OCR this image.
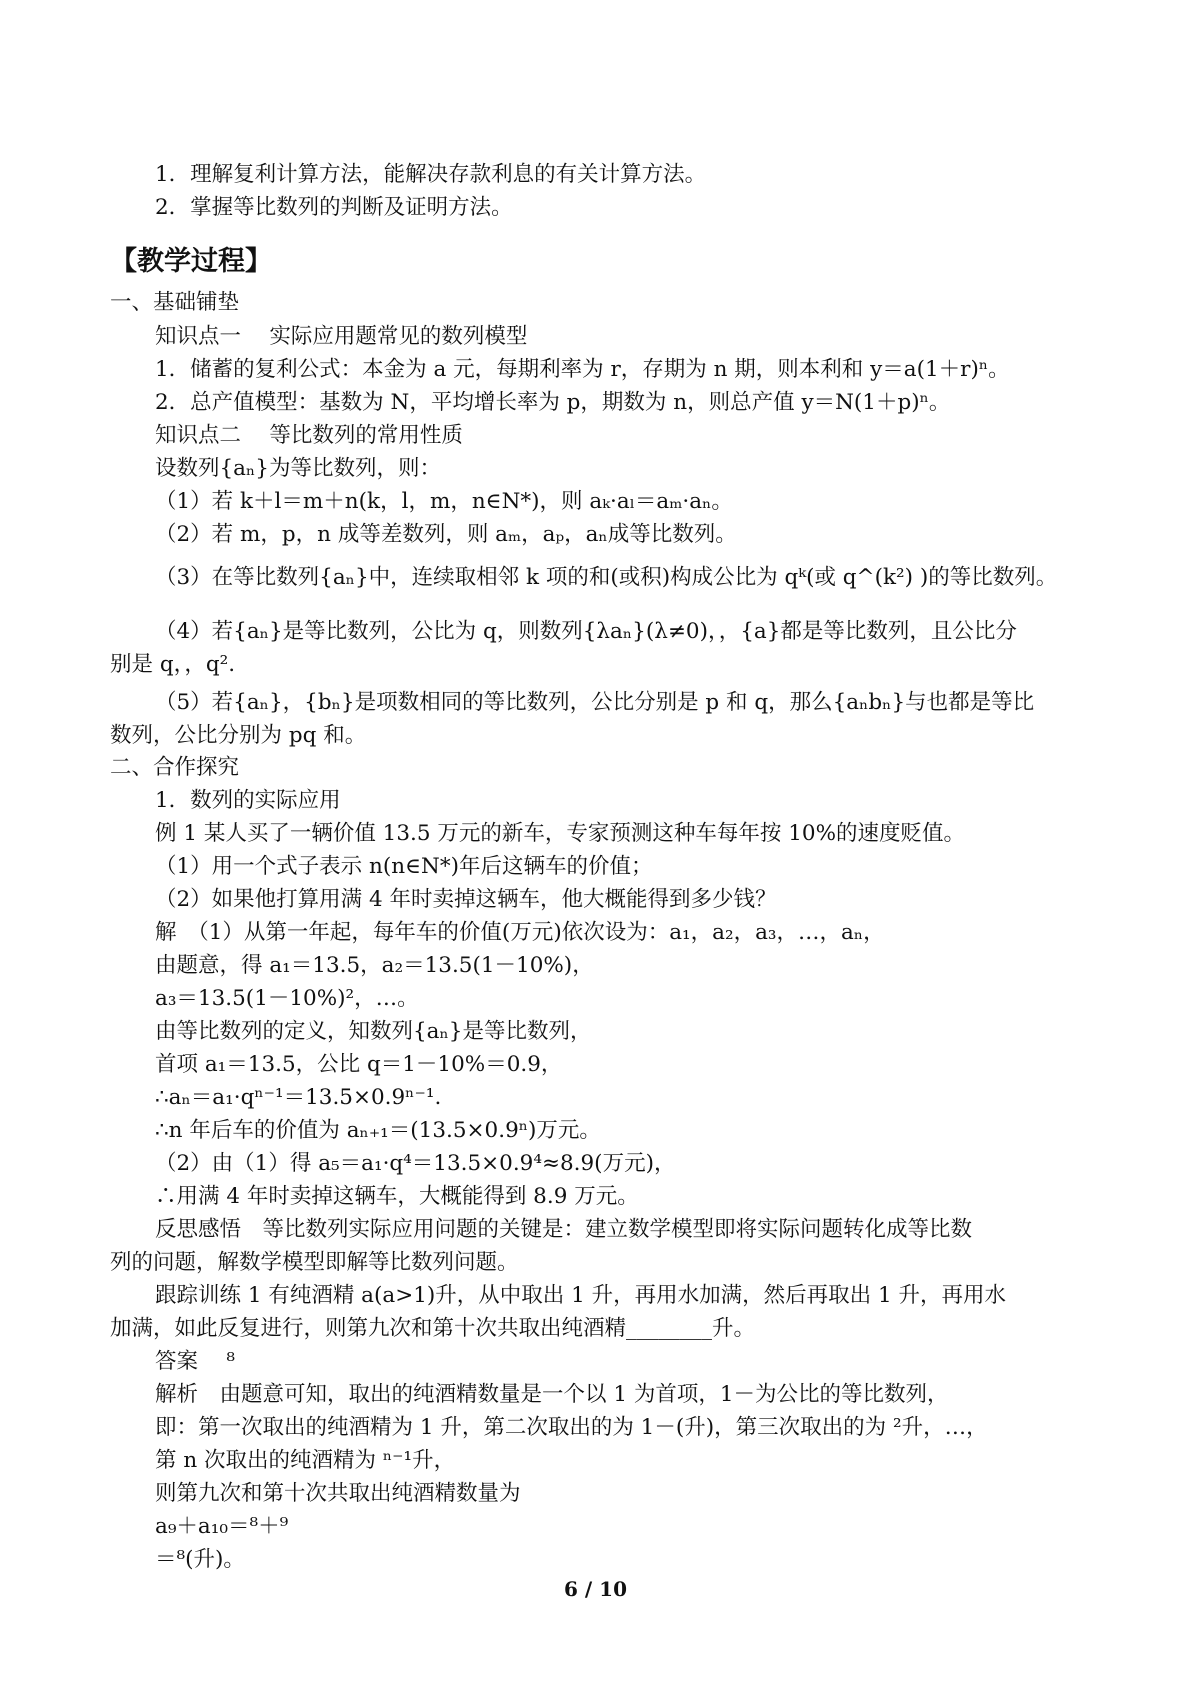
【教学过程】
1．理解复利计算方法，能解决存款利息的有关计算方法。
2．掌握等比数列的判断及证明方法。
一、基础铺垫
知识点一　 实际应用题常见的数列模型
1．储蓄的复利公式：本金为 a 元，每期利率为 r，存期为 n 期，则本利和 y＝a(1＋r)ⁿ。
2．总产值模型：基数为 N，平均增长率为 p，期数为 n，则总产值 y＝N(1＋p)ⁿ。
知识点二　 等比数列的常用性质
设数列{aₙ}为等比数列，则：
（1）若 k＋l＝m＋n(k，l，m，n∈N*)，则 aₖ·aₗ＝aₘ·aₙ。
（2）若 m，p，n 成等差数列，则 aₘ，aₚ，aₙ成等比数列。
（3）在等比数列{aₙ}中，连续取相邻 k 项的和(或积)构成公比为 qᵏ(或 q^(k²) )的等比数列。
（4）若{aₙ}是等比数列，公比为 q，则数列{λaₙ}(λ≠0)，，{a}都是等比数列，且公比分
别是 q，，q².
（5）若{aₙ}，{bₙ}是项数相同的等比数列，公比分别是 p 和 q，那么{aₙbₙ}与也都是等比
数列，公比分别为 pq 和。
二、合作探究
1．数列的实际应用
例 1 某人买了一辆价值 13.5 万元的新车，专家预测这种车每年按 10%的速度贬值。
（1）用一个式子表示 n(n∈N*)年后这辆车的价值；
（2）如果他打算用满 4 年时卖掉这辆车，他大概能得到多少钱？
解　（1）从第一年起，每年车的价值(万元)依次设为：a₁，a₂，a₃，…，aₙ，
由题意，得 a₁＝13.5，a₂＝13.5(1－10%)，
a₃＝13.5(1－10%)²，…。
由等比数列的定义，知数列{aₙ}是等比数列，
首项 a₁＝13.5，公比 q＝1－10%＝0.9，
∴aₙ＝a₁·qⁿ⁻¹＝13.5×0.9ⁿ⁻¹.
∴n 年后车的价值为 aₙ₊₁＝(13.5×0.9ⁿ)万元。
（2）由（1）得 a₅＝a₁·q⁴＝13.5×0.9⁴≈8.9(万元)，
∴用满 4 年时卖掉这辆车，大概能得到 8.9 万元。
反思感悟　等比数列实际应用问题的关键是：建立数学模型即将实际问题转化成等比数
列的问题，解数学模型即解等比数列问题。
跟踪训练 1 有纯酒精 a(a>1)升，从中取出 1 升，再用水加满，然后再取出 1 升，再用水
加满，如此反复进行，则第九次和第十次共取出纯酒精________升。
答案　 ⁸
解析　由题意可知，取出的纯酒精数量是一个以 1 为首项，1－为公比的等比数列，
即：第一次取出的纯酒精为 1 升，第二次取出的为 1－(升)，第三次取出的为 ²升，…，
第 n 次取出的纯酒精为 ⁿ⁻¹升，
则第九次和第十次共取出纯酒精数量为
a₉＋a₁₀＝⁸＋⁹
＝⁸(升)。
6 / 10
